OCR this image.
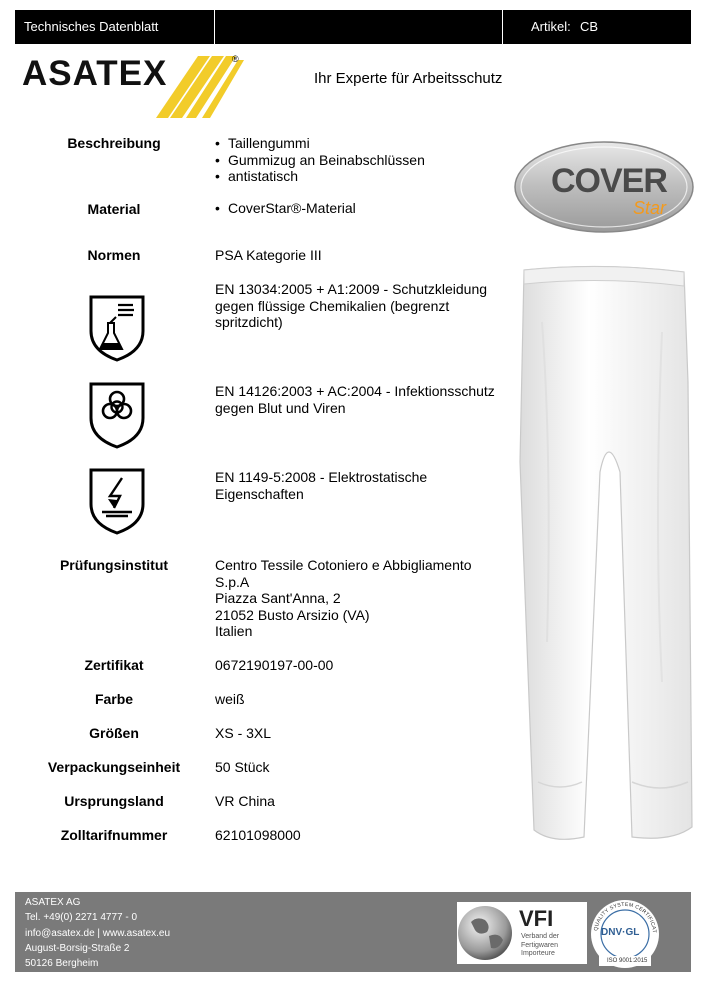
Technisches Datenblatt	Artikel: CB
ASATEX	®
Ihr Experte für Arbeitsschutz
COVER
Star
Beschreibung	• Taillengummi
• Gummizug an Beinabschlüssen
• antistatisch
Material	• CoverStar®-Material
Normen	PSA Kategorie III
EN 13034:2005 + A1:2009 - Schutzkleidung gegen flüssige Chemikalien (begrenzt spritzdicht)
EN 14126:2003 + AC:2004 - Infektionsschutz gegen Blut und Viren
EN 1149-5:2008 - Elektrostatische Eigenschaften
Prüfungsinstitut	Centro Tessile Cotoniero e Abbigliamento
S.p.A
Piazza Sant'Anna, 2
21052 Busto Arsizio (VA)
Italien
Zertifikat	0672190197-00-00
Farbe	weiß
Größen	XS - 3XL
Verpackungseinheit	50 Stück
Ursprungsland	VR China
Zolltarifnummer	62101098000
ASATEX AG
Tel. +49(0) 2271 4777 - 0
info@asatex.de | www.asatex.eu
August-Borsig-Straße 2
50126 Bergheim
VFI
Verband der
Fertigwaren
Importeure
QUALITY SYSTEM CERTIFICAT
DNV·GL
ISO 9001:2015
